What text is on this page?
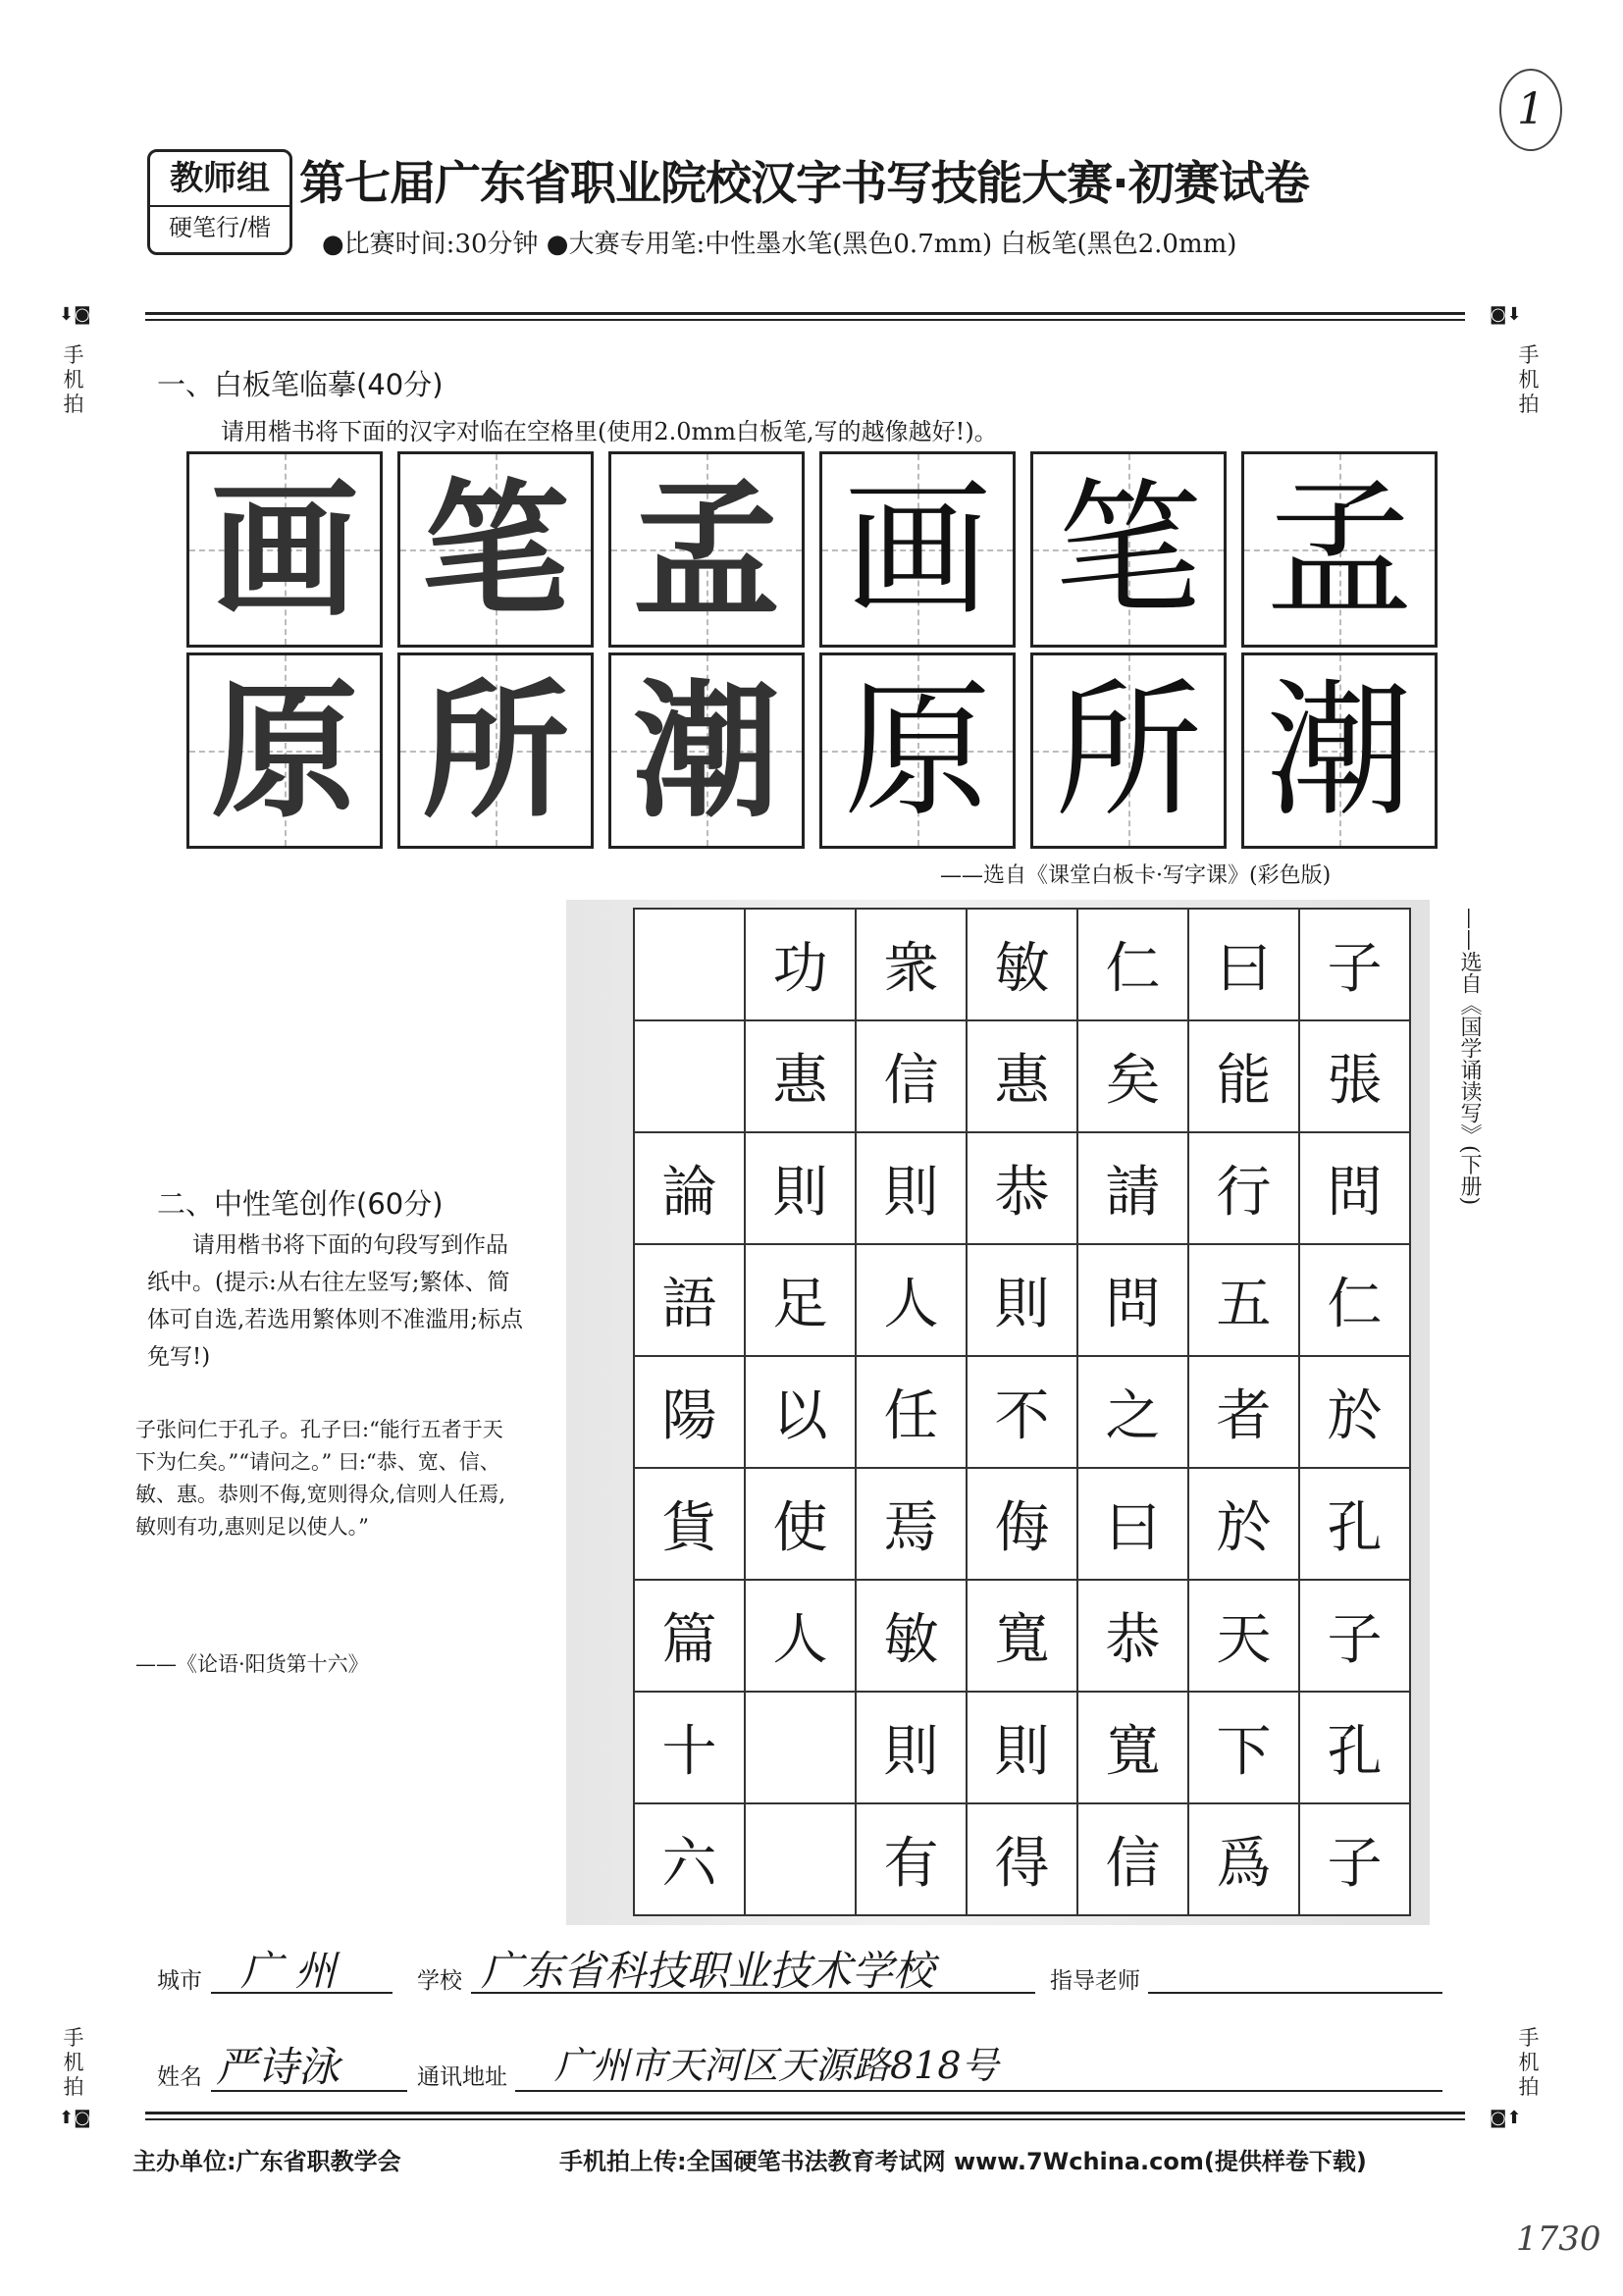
1
教师组
硬笔行/楷
第七届广东省职业院校汉字书写技能大赛·初赛试卷
●比赛时间:30分钟 ●大赛专用笔:中性墨水笔(黑色0.7mm) 白板笔(黑色2.0mm)
⬇◙	◙⬇
手机拍
手机拍
一、白板笔临摹(40分)
请用楷书将下面的汉字对临在空格里(使用2.0mm白板笔,写的越像越好!)。
画 笔 孟 画 笔 孟
原 所 潮 原 所 潮
——选自《课堂白板卡·写字课》(彩色版)
	功	衆	敏	仁	曰	子
	惠	信	惠	矣	能	張
論	則	則	恭	請	行	問
語	足	人	則	問	五	仁
陽	以	任	不	之	者	於
貨	使	焉	侮	曰	於	孔
篇	人	敏	寬	恭	天	子
十		則	則	寬	下	孔
六		有	得	信	爲	子
——选自《国学诵读写》(下册)
二、中性笔创作(60分)
请用楷书将下面的句段写到作品纸中。(提示:从右往左竖写;繁体、简体可自选,若选用繁体则不准滥用;标点免写!)
子张问仁于孔子。孔子曰:“能行五者于天下为仁矣。”“请问之。” 曰:“恭、宽、信、敏、惠。恭则不侮,宽则得众,信则人任焉,敏则有功,惠则足以使人。”
——《论语·阳货第十六》
城市 广 州	学校 广东省科技职业技术学校	指导老师
姓名 严诗泳	通讯地址 广州市天河区天源路818号
手机拍
手机拍
⬆◙	◙⬆
主办单位:广东省职教学会	手机拍上传:全国硬笔书法教育考试网 www.7Wchina.com(提供样卷下载)
1730
